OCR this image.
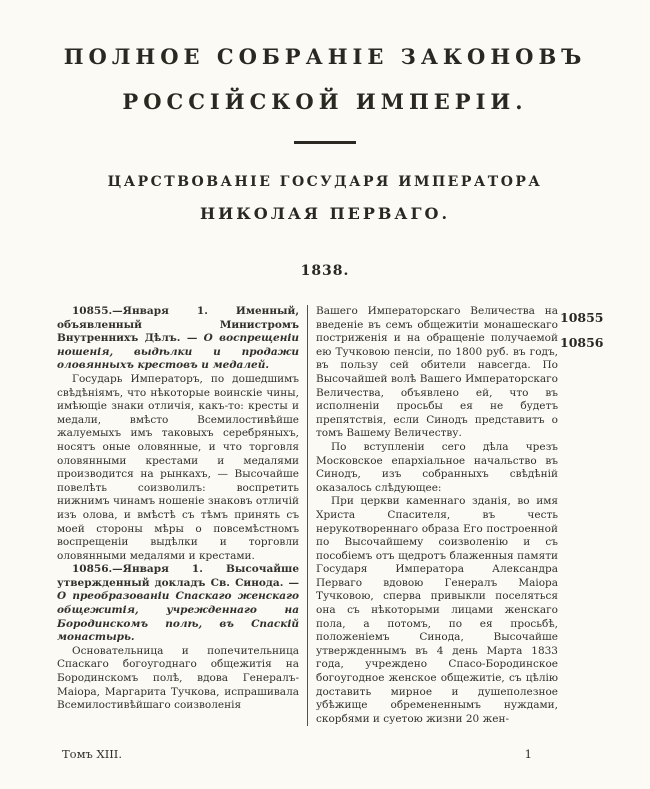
ПОЛНОЕ СОБРАНІЕ ЗАКОНОВЪ
РОССІЙСКОЙ ИМПЕРІИ.
ЦАРСТВОВАНІЕ ГОСУДАРЯ ИМПЕРАТОРА
НИКОЛАЯ ПЕРВАГО.
1838.

10855.—Января 1. Именный, объявленный Министромъ Внутреннихъ Дѣлъ. — О воспрещеніи ношенія, выдѣлки и продажи оловянныхъ крестовъ и медалей.

Государь Императоръ, по дошедшимъ свѣдѣніямъ, что нѣкоторые воинскіе чины, имѣющіе знаки отличія, какъ-то: кресты и медали, вмѣсто Всемилостивѣйше жалуемыхъ имъ таковыхъ серебряныхъ, носятъ оные оловянные, и что торговля оловянными крестами и медалями производится на рынкахъ, — Высочайше повелѣть соизволилъ: воспретить нижнимъ чинамъ ношеніе знаковъ отличій изъ олова, и вмѣстѣ съ тѣмъ принять съ моей стороны мѣры о повсемѣстномъ воспрещеніи выдѣлки и торговли оловянными медалями и крестами.

10856.—Января 1. Высочайше утвержденный докладъ Св. Синода. — О преобразованіи Спаскаго женскаго общежитія, учрежденнаго на Бородинскомъ полѣ, въ Спаскій монастырь.

Основательница и попечительница Спаскаго богоугоднаго общежитія на Бородинскомъ полѣ, вдова Генералъ-Маіора, Маргарита Тучкова, испрашивала Всемилостивѣйшаго соизволенія

Вашего Императорскаго Величества на введеніе въ семъ общежитіи монашескаго постриженія и на обращеніе получаемой ею Тучковою пенсіи, по 1800 руб. въ годъ, въ пользу сей обители навсегда. По Высочайшей волѣ Вашего Императорскаго Величества, объявлено ей, что въ исполненіи просьбы ея не будетъ препятствія, если Синодъ представитъ о томъ Вашему Величеству.

По вступленіи сего дѣла чрезъ Московское епархіальное начальство въ Синодъ, изъ собранныхъ свѣдѣній оказалось слѣдующее:

При церкви каменнаго зданія, во имя Христа Спасителя, въ честь нерукотвореннаго образа Его построенной по Высочайшему соизволенію и съ пособіемъ отъ щедротъ блаженныя памяти Государя Императора Александра Перваго вдовою Генералъ Маіора Тучковою, сперва привыкли поселяться она съ нѣкоторыми лицами женскаго пола, а потомъ, по ея просьбѣ, положеніемъ Синода, Высочайше утвержденнымъ въ 4 день Марта 1833 года, учреждено Спасо-Бородинское богоугодное женское общежитіе, съ цѣлію доставить мирное и душеполезное убѣжище обремененнымъ нуждами, скорбями и суетою жизни 20 жен-

10855
10856
Томъ XIII.	1
